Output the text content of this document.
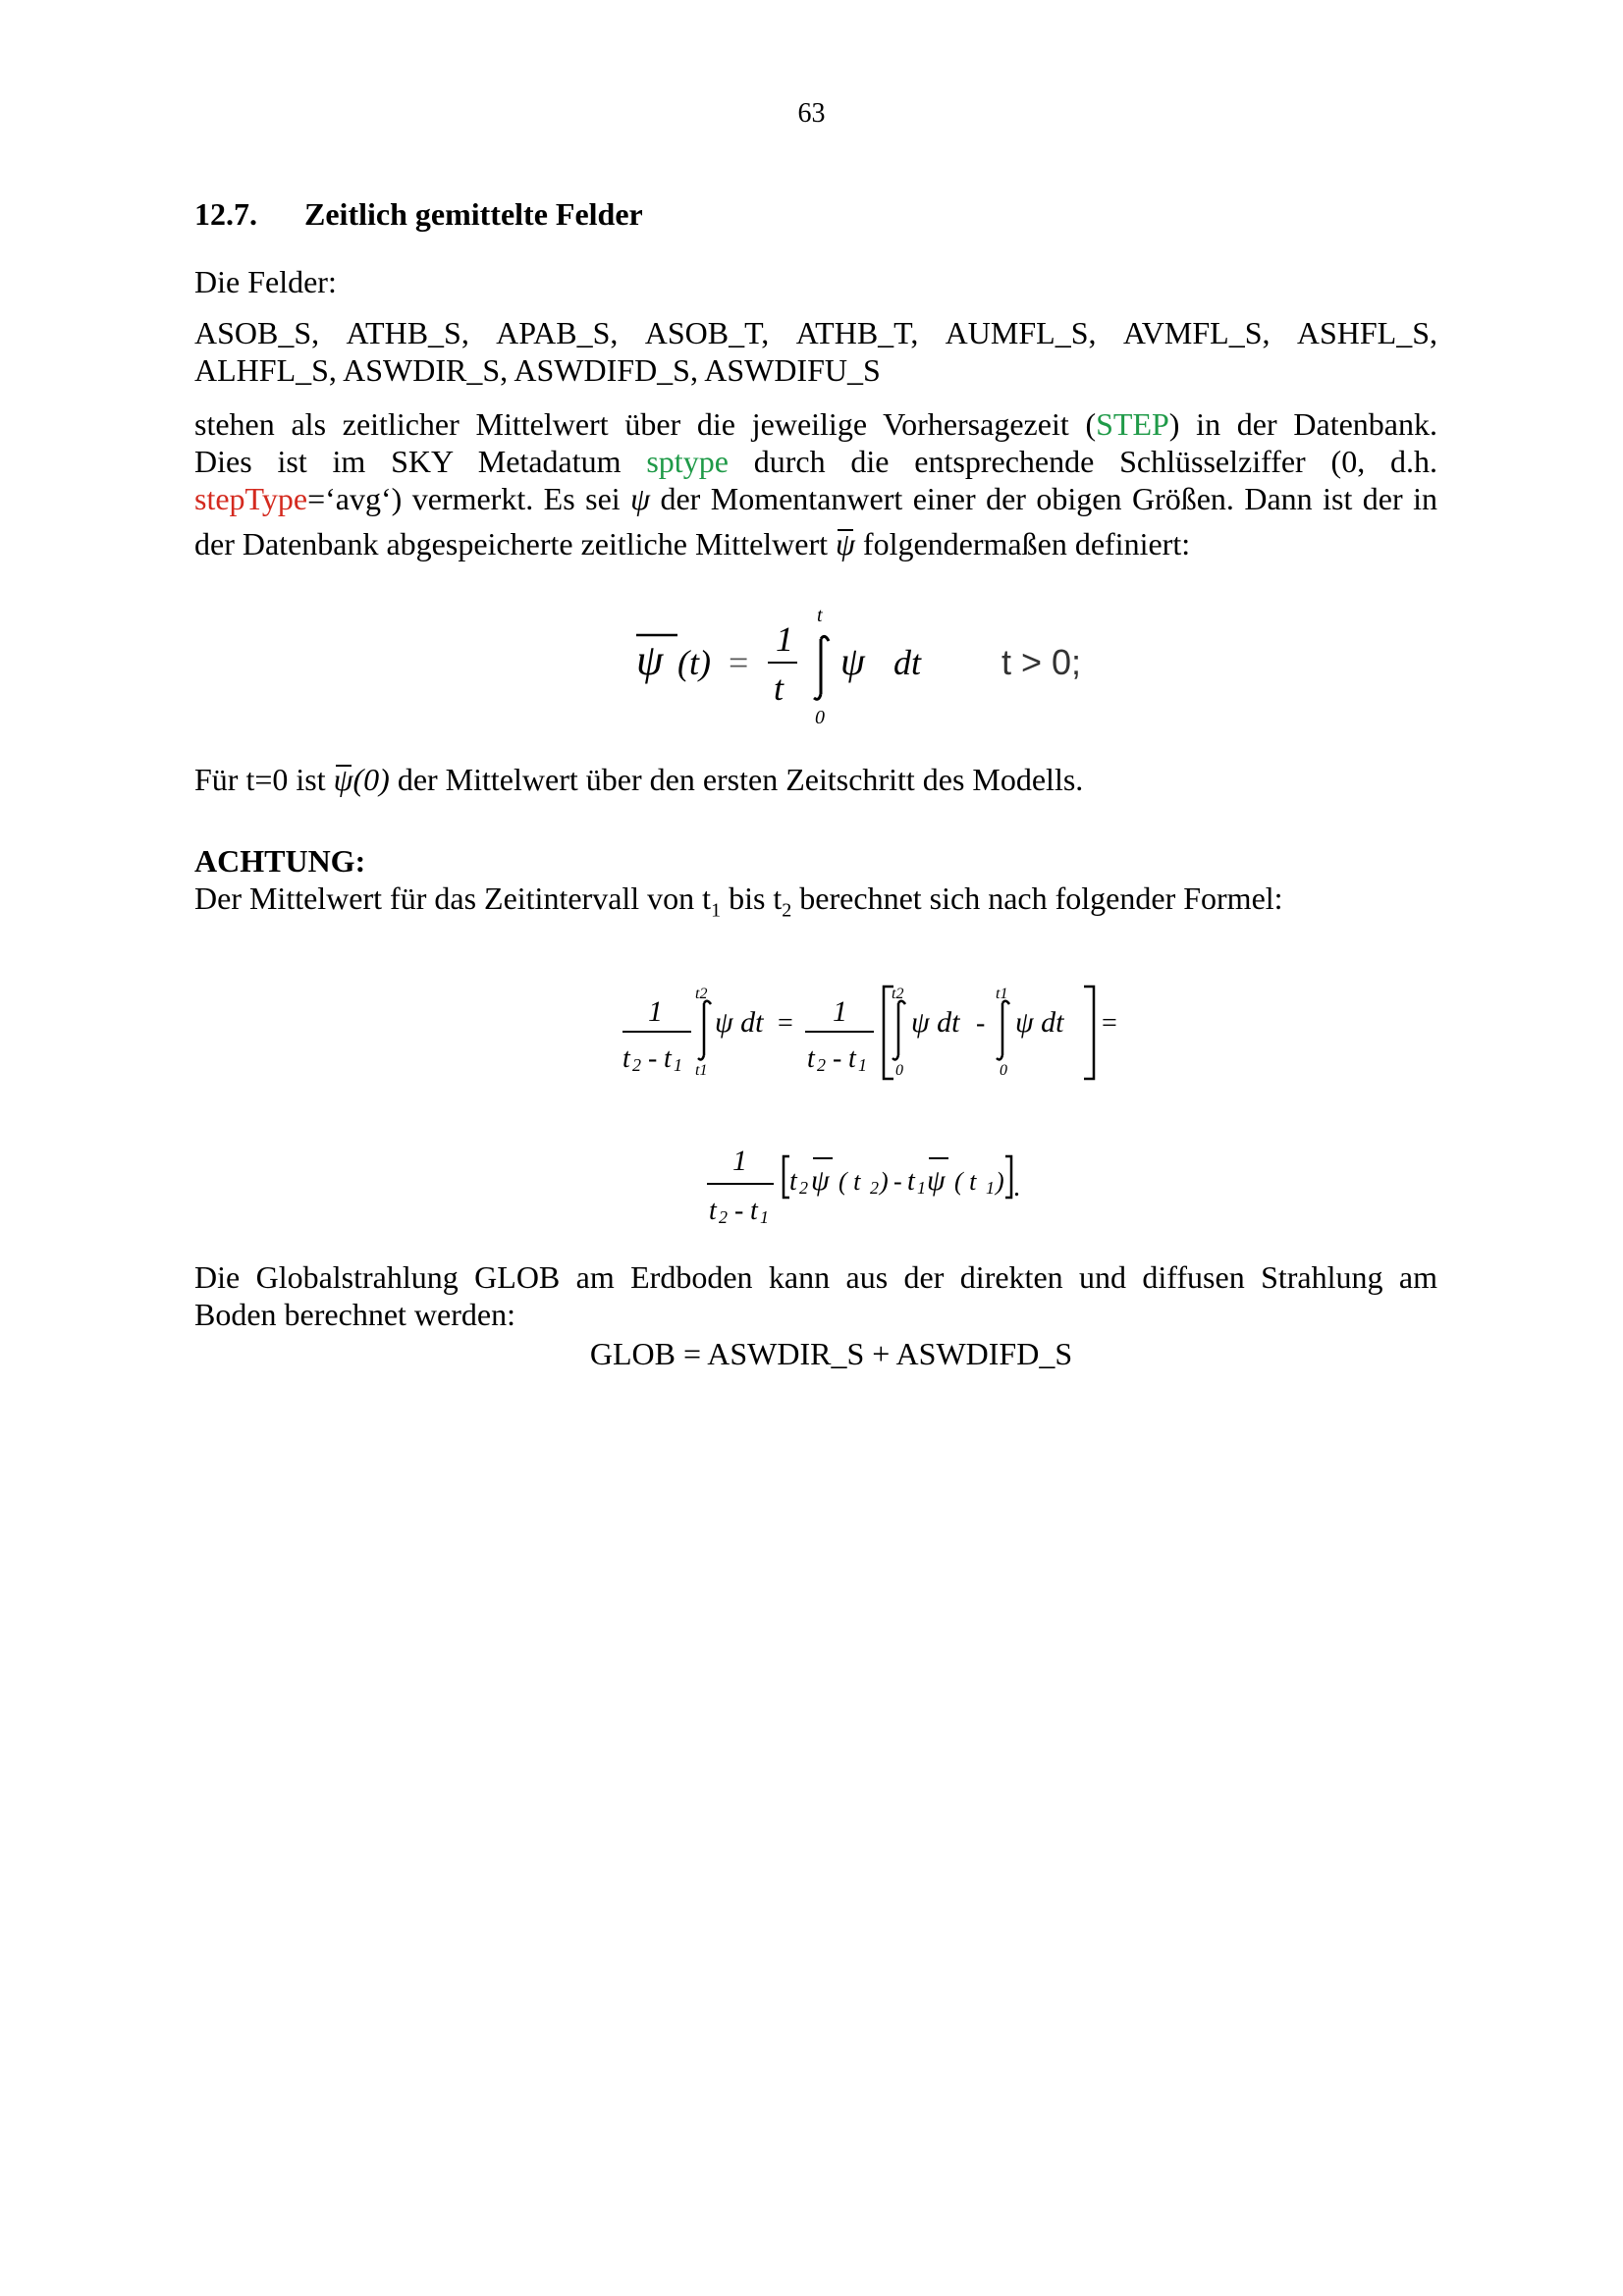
63
12.7. Zeitlich gemittelte Felder
Die Felder:
ASOB_S, ATHB_S, APAB_S, ASOB_T, ATHB_T, AUMFL_S, AVMFL_S, ASHFL_S,
ALHFL_S, ASWDIR_S, ASWDIFD_S, ASWDIFU_S
stehen als zeitlicher Mittelwert über die jeweilige Vorhersagezeit (STEP) in der Datenbank.
Dies ist im SKY Metadatum sptype durch die entsprechende Schlüsselziffer (0, d.h.
stepType=‘avg‘) vermerkt. Es sei ψ der Momentanwert einer der obigen Größen. Dann ist der in
der Datenbank abgespeicherte zeitliche Mittelwert ψ folgendermaßen definiert:
ψ (t) =
1
t
t
0
ψ dt t > 0;
Für t=0 ist ψ(0) der Mittelwert über den ersten Zeitschritt des Modells.
ACHTUNG:
Der Mittelwert für das Zeitintervall von $t_1$ bis $t_2$ berechnet sich nach folgender Formel:
1
t 2 - t 1
t2
t1
ψ dt = 1
t 2 - t 1
t2
0
ψ dt -
t1
0
ψ dt =
1
t 2 - t 1
t 2 ψ ( t 2 ) - t 1 ψ ( t 1 ) .
Die Globalstrahlung GLOB am Erdboden kann aus der direkten und diffusen Strahlung am
Boden berechnet werden:
GLOB = ASWDIR_S + ASWDIFD_S
